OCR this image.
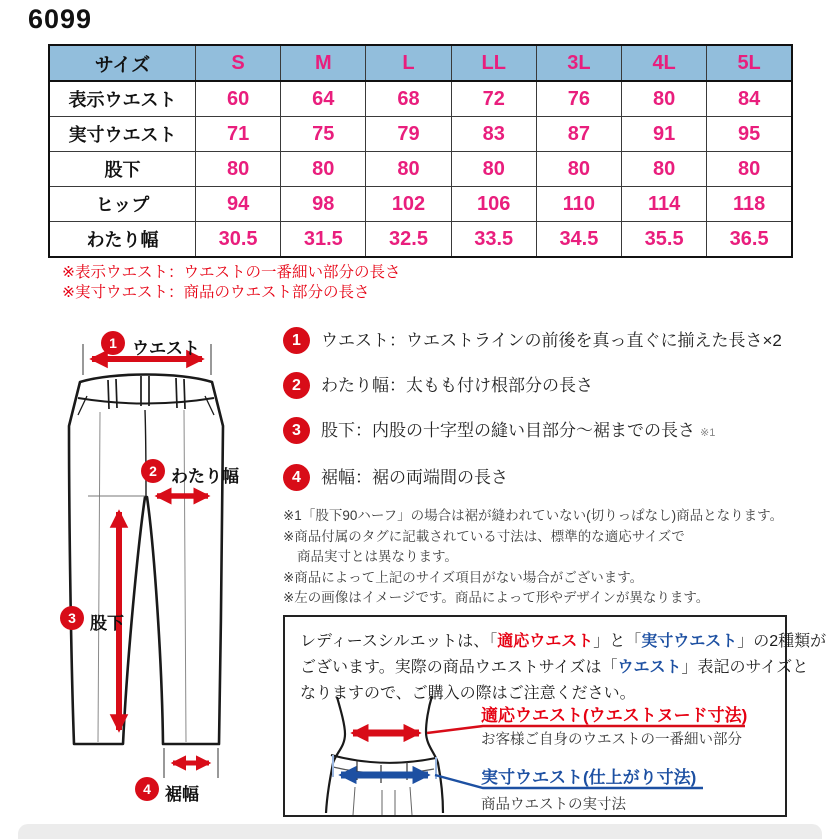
6099
サイズ	S	M	L	LL	3L	4L	5L
表示ウエスト	60	64	68	72	76	80	84
実寸ウエスト	71	75	79	83	87	91	95
股下	80	80	80	80	80	80	80
ヒップ	94	98	102	106	110	114	118
わたり幅	30.5	31.5	32.5	33.5	34.5	35.5	36.5
※表示ウエスト：ウエストの一番細い部分の長さ
※実寸ウエスト：商品のウエスト部分の長さ
1 ウエスト
2 わたり幅
3 股下
4 裾幅
1	ウエスト：ウエストラインの前後を真っ直ぐに揃えた長さ×2
2	わたり幅：太もも付け根部分の長さ
3	股下：内股の十字型の縫い目部分～裾までの長さ ※1
4	裾幅：裾の両端間の長さ
※1「股下90ハーフ」の場合は裾が縫われていない(切りっぱなし)商品となります。
※商品付属のタグに記載されている寸法は、標準的な適応サイズで
商品実寸とは異なります。
※商品によって上記のサイズ項目がない場合がございます。
※左の画像はイメージです。商品によって形やデザインが異なります。
レディースシルエットは、「適応ウエスト」と「実寸ウエスト」の2種類が
ございます。実際の商品ウエストサイズは「ウエスト」表記のサイズと
なりますので、ご購入の際はご注意ください。
適応ウエスト(ウエストヌード寸法)
お客様ご自身のウエストの一番細い部分
実寸ウエスト(仕上がり寸法)
商品ウエストの実寸法
